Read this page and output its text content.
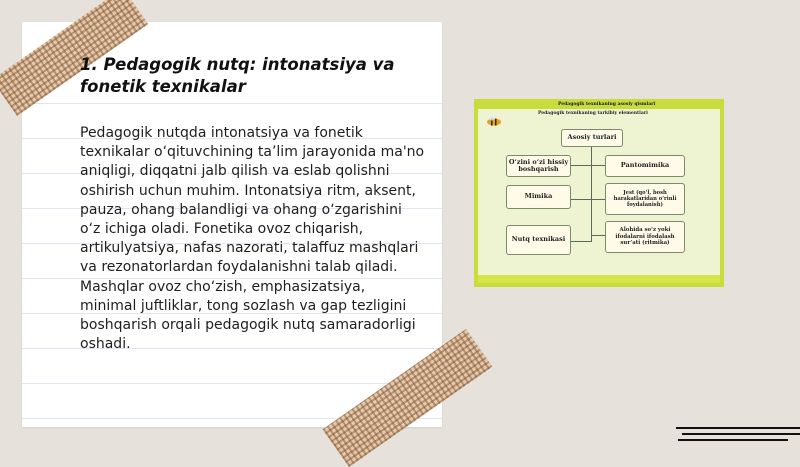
1. Pedagogik nutq: intonatsiya va fonetik texnikalar

Pedagogik nutqda intonatsiya va fonetik texnikalar o‘qituvchining ta’lim jarayonida ma'no aniqligi, diqqatni jalb qilish va eslab qolishni oshirish uchun muhim. Intonatsiya ritm, aksent, pauza, ohang balandligi va ohang o‘zgarishini o‘z ichiga oladi. Fonetika ovoz chiqarish, artikulyatsiya, nafas nazorati, talaffuz mashqlari va rezonatorlardan foydalanishni talab qiladi. Mashqlar ovoz cho‘zish, emphasizatsiya, minimal juftliklar, tong sozlash va gap tezligini boshqarish orqali pedagogik nutq samaradorligi oshadi.

Pedagogik texnikaning asosiy qismlari
Pedagogik texnikaning tarkibiy elementlari
Asosiy turlari
O‘zini o‘zi hissiy boshqarish
Mimika
Nutq texnikasi
Pantomimika
Jest (qo‘l, bosh harakatlaridan o‘rinli foydalanish)
Alohida so‘z yoki ifodalarni ifodalash sur’ati (ritmika)
